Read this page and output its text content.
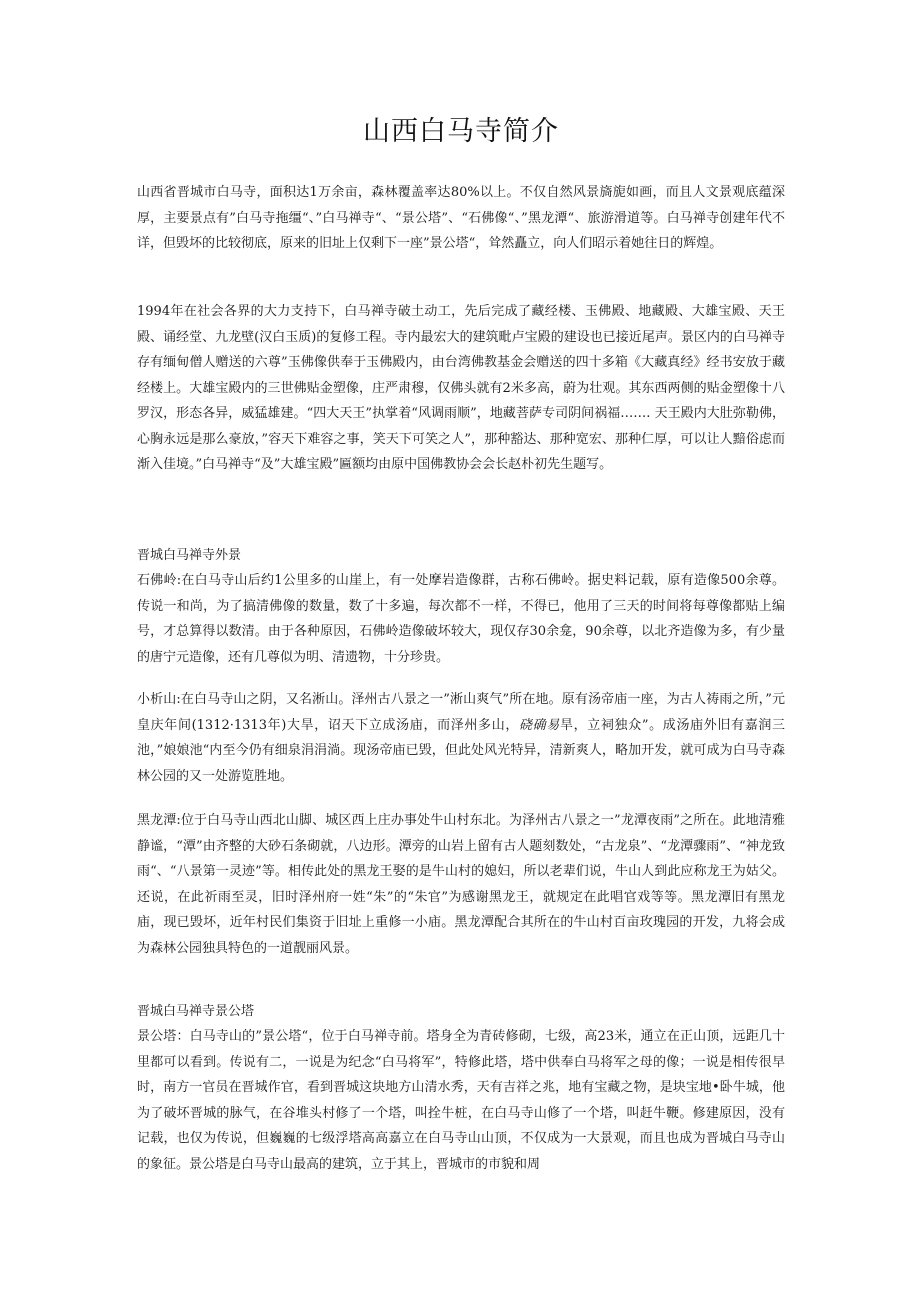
山西白马寺简介

山西省晋城市白马寺，面积达1万余亩，森林覆盖率达80%以上。不仅自然风景旖旎如画，而且人文景观底蕴深厚，主要景点有”白马寺拖缰“、”白马禅寺“、“景公塔”、“石佛像“、”黑龙潭“、旅游滑道等。白马禅寺创建年代不详，但毁坏的比较彻底，原来的旧址上仅剩下一座”景公塔“，耸然矗立，向人们昭示着她往日的辉煌。

1994年在社会各界的大力支持下，白马禅寺破土动工，先后完成了藏经楼、玉佛殿、地藏殿、大雄宝殿、天王殿、诵经堂、九龙壁(汉白玉质)的复修工程。寺内最宏大的建筑毗卢宝殿的建设也已接近尾声。景区内的白马禅寺存有缅甸僧人赠送的六尊”玉佛像供奉于玉佛殿内，由台湾佛教基金会赠送的四十多箱《大藏真经》经书安放于藏经楼上。大雄宝殿内的三世佛贴金塑像，庄严肃穆，仅佛头就有2米多高，蔚为壮观。其东西两侧的贴金塑像十八罗汉，形态各异，威猛雄建。“四大天王”执掌着“风调雨顺”，地藏菩萨专司阴间祸福……. 天王殿内大肚弥勒佛，心胸永远是那么豪放，”容天下难容之事，笑天下可笑之人”，那种豁达、那种宽宏、那种仁厚，可以让人黯俗虑而渐入佳境。”白马禅寺“及”大雄宝殿”匾额均由原中国佛教协会会长赵朴初先生题写。

晋城白马禅寺外景

石佛岭:在白马寺山后约1公里多的山崖上，有一处摩岩造像群，古称石佛岭。据史料记载，原有造像500余尊。传说一和尚，为了搞清佛像的数量，数了十多遍，每次都不一样，不得已，他用了三天的时间将每尊像都贴上编号，才总算得以数清。由于各种原因，石佛岭造像破坏较大，现仅存30余龛，90余尊，以北齐造像为多，有少量的唐宁元造像，还有几尊似为明、清遗物，十分珍贵。

小析山:在白马寺山之阴，又名淅山。泽州古八景之一”淅山爽气”所在地。原有汤帝庙一座，为古人祷雨之所，”元皇庆年间(1312·1313年)大旱，诏天下立成汤庙，而泽州多山，硗确易旱，立祠独众”。成汤庙外旧有嘉润三池，”娘娘池“内至今仍有细泉涓涓淌。现汤帝庙已毁，但此处风光特异，清新爽人，略加开发，就可成为白马寺森林公园的又一处游览胜地。

黑龙潭:位于白马寺山西北山脚、城区西上庄办事处牛山村东北。为泽州古八景之一”龙潭夜雨”之所在。此地清雅静谧，“潭”由齐整的大砂石条砌就，八边形。潭旁的山岩上留有古人题刻数处，“古龙泉”、“龙潭骤雨”、“神龙致雨“、“八景第一灵迹”等。相传此处的黑龙王娶的是牛山村的媳妇，所以老辈们说，牛山人到此应称龙王为姑父。还说，在此祈雨至灵，旧时泽州府一姓“朱”的“朱官”为感谢黑龙王，就规定在此唱官戏等等。黑龙潭旧有黑龙庙，现已毁坏，近年村民们集资于旧址上重修一小庙。黑龙潭配合其所在的牛山村百亩玫瑰园的开发，九将会成为森林公园独具特色的一道靓丽风景。

晋城白马禅寺景公塔

景公塔：白马寺山的”景公塔“，位于白马禅寺前。塔身全为青砖修砌，七级，高23米，通立在正山顶，远距几十里都可以看到。传说有二，一说是为纪念“白马将军”，特修此塔，塔中供奉白马将军之母的像；一说是相传很早时，南方一官员在晋城作官，看到晋城这块地方山清水秀，天有吉祥之兆，地有宝藏之物，是块宝地•卧牛城，他为了破坏晋城的脉气，在谷堆头村修了一个塔，叫拴牛桩，在白马寺山修了一个塔，叫赶牛鞭。修建原因，没有记载，也仅为传说，但巍巍的七级浮塔高高嘉立在白马寺山山顶，不仅成为一大景观，而且也成为晋城白马寺山的象征。景公塔是白马寺山最高的建筑，立于其上，晋城市的市貌和周
